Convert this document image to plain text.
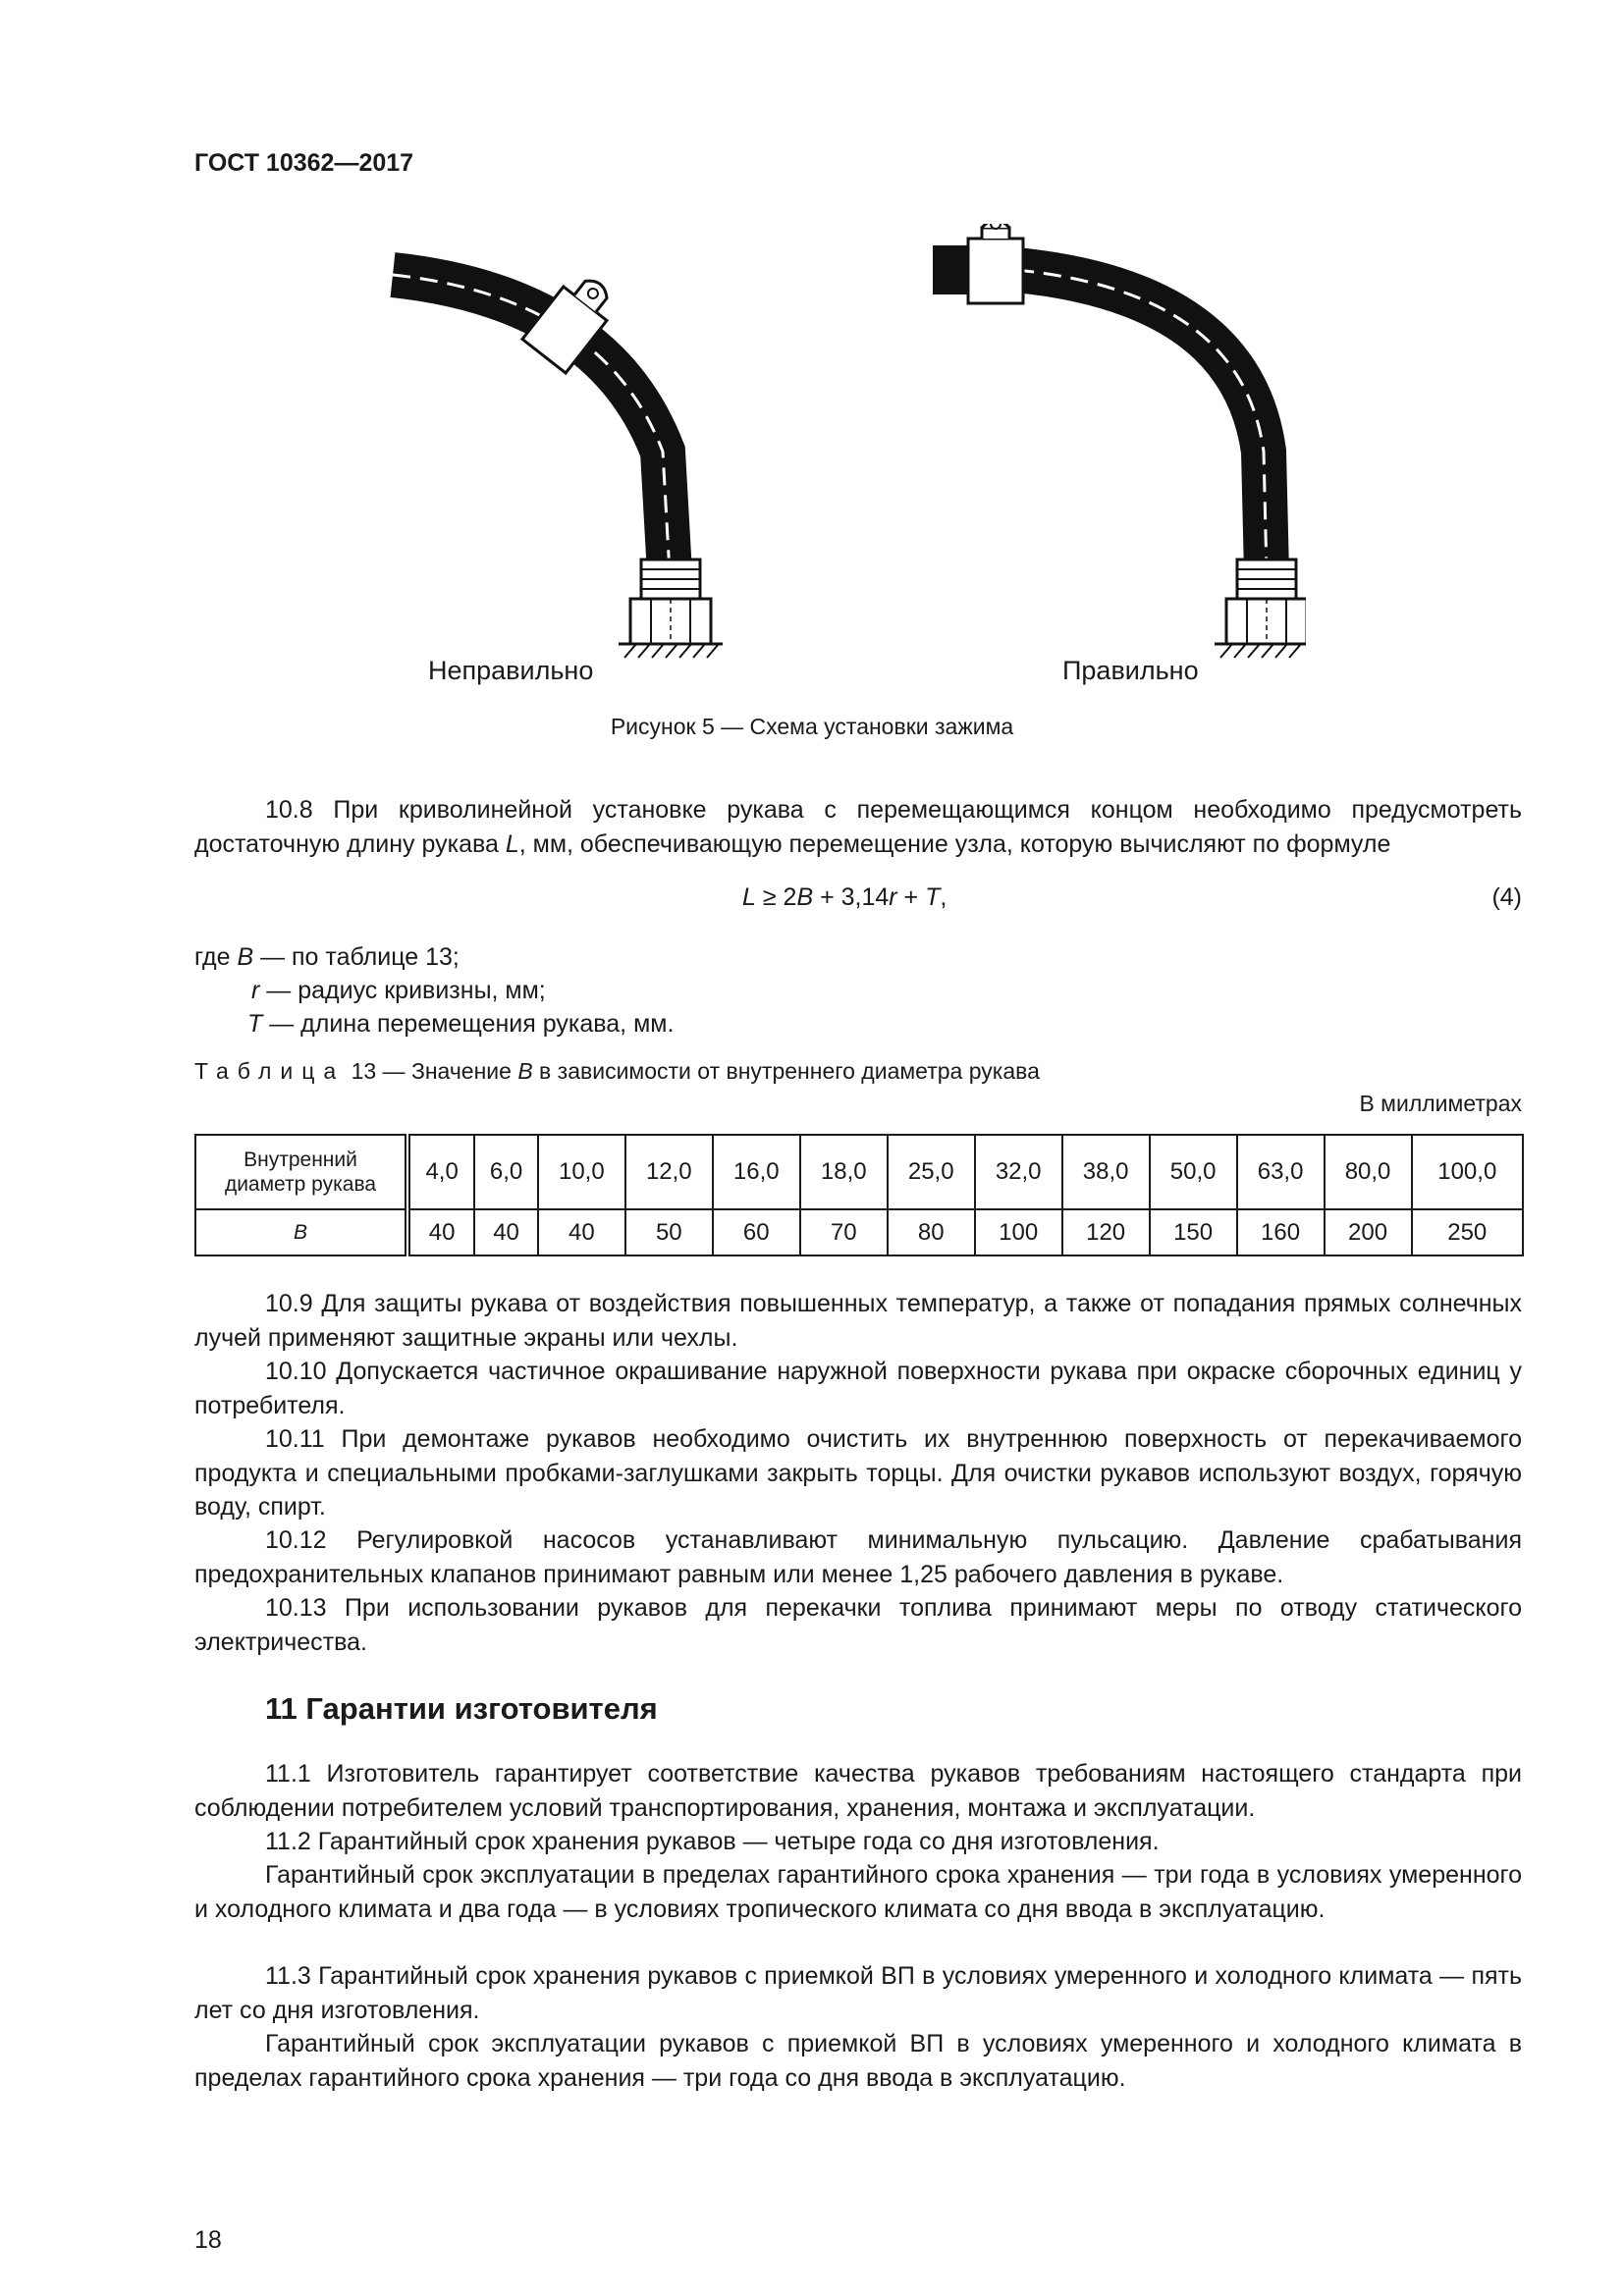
ГОСТ 10362—2017
Неправильно	Правильно
Рисунок 5 — Схема установки зажима

10.8 При криволинейной установке рукава с перемещающимся концом необходимо предусмотреть достаточную длину рукава L, мм, обеспечивающую перемещение узла, которую вычисляют по формуле

L ≥ 2B + 3,14r + T,	(4)
где B — по таблице 13;
r — радиус кривизны, мм;
T — длина перемещения рукава, мм.
Таблица 13 — Значение B в зависимости от внутреннего диаметра рукава
В миллиметрах
Внутренний
диаметр рукава	4,0	6,0	10,0	12,0	16,0	18,0	25,0	32,0	38,0	50,0	63,0	80,0	100,0
B	40	40	40	50	60	70	80	100	120	150	160	200	250

10.9 Для защиты рукава от воздействия повышенных температур, а также от попадания прямых солнечных лучей применяют защитные экраны или чехлы.

10.10 Допускается частичное окрашивание наружной поверхности рукава при окраске сборочных единиц у потребителя.

10.11 При демонтаже рукавов необходимо очистить их внутреннюю поверхность от перекачиваемого продукта и специальными пробками-заглушками закрыть торцы. Для очистки рукавов используют воздух, горячую воду, спирт.

10.12 Регулировкой насосов устанавливают минимальную пульсацию. Давление срабатывания предохранительных клапанов принимают равным или менее 1,25 рабочего давления в рукаве.

10.13 При использовании рукавов для перекачки топлива принимают меры по отводу статического электричества.

11 Гарантии изготовителя

11.1 Изготовитель гарантирует соответствие качества рукавов требованиям настоящего стандарта при соблюдении потребителем условий транспортирования, хранения, монтажа и эксплуатации.

11.2 Гарантийный срок хранения рукавов — четыре года со дня изготовления.

Гарантийный срок эксплуатации в пределах гарантийного срока хранения — три года в условиях умеренного и холодного климата и два года — в условиях тропического климата со дня ввода в эксплуатацию.

11.3 Гарантийный срок хранения рукавов с приемкой ВП в условиях умеренного и холодного климата — пять лет со дня изготовления.

Гарантийный срок эксплуатации рукавов с приемкой ВП в условиях умеренного и холодного климата в пределах гарантийного срока хранения — три года со дня ввода в эксплуатацию.

18
